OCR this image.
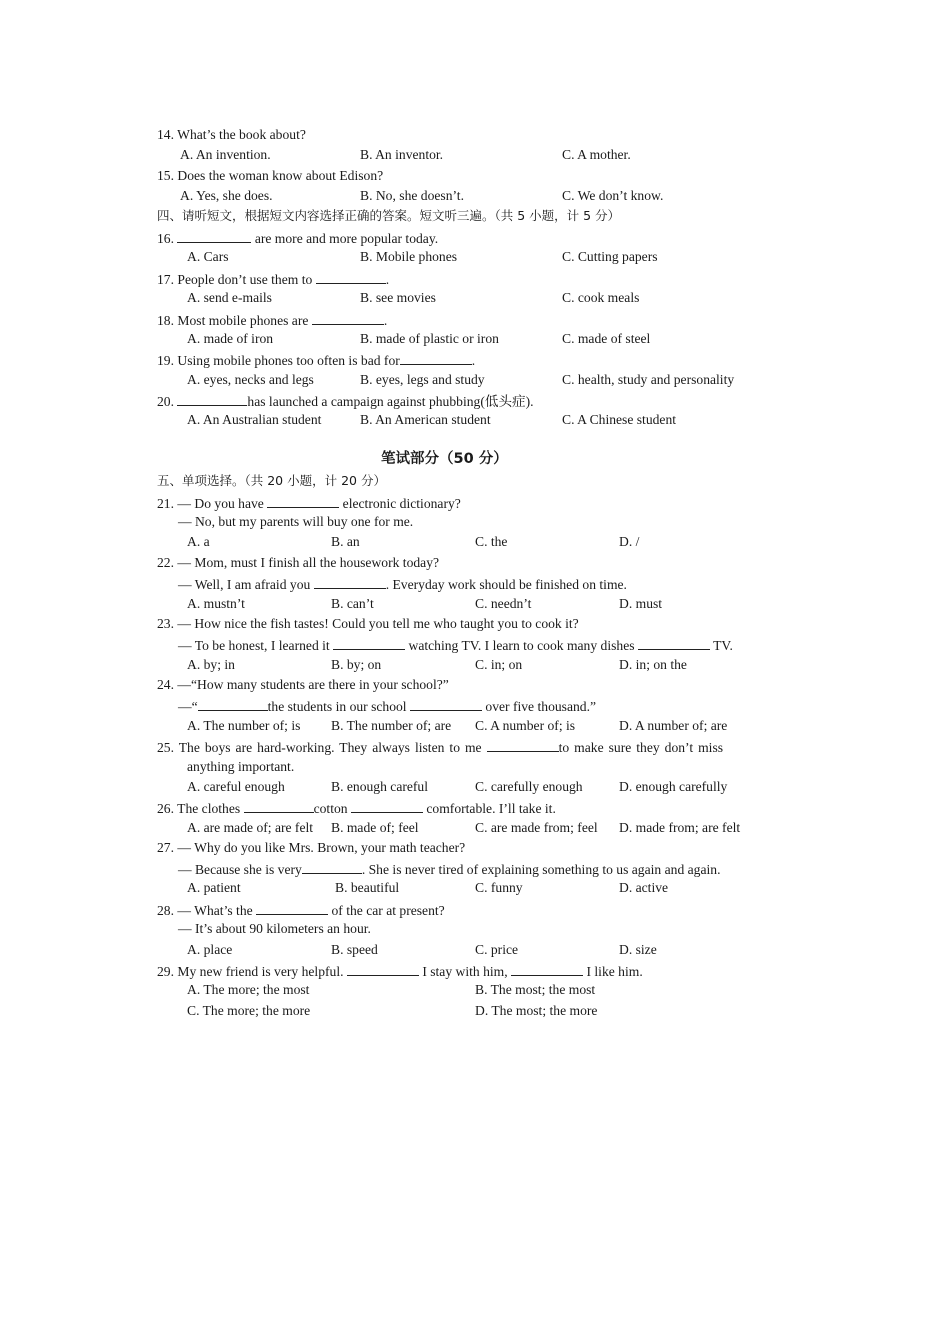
14. What’s the book about?
A. An invention.	B. An inventor.	C. A mother.
15. Does the woman know about Edison?
A. Yes, she does.	B. No, she doesn’t.	C. We don’t know.
四、请听短文，根据短文内容选择正确的答案。短文听三遍。（共 5 小题，计 5 分）
16.	are more and more popular today.
A. Cars	B. Mobile phones	C. Cutting papers
17. People don’t use them to	.
A. send e-mails	B. see movies	C. cook meals
18. Most mobile phones are	.
A. made of iron	B. made of plastic or iron	C. made of steel
19. Using mobile phones too often is bad for	.
A. eyes, necks and legs	B. eyes, legs and study	C. health, study and personality
20.	has launched a campaign against phubbing(低头症).
A. An Australian student	B. An American student	C. A Chinese student
笔试部分（50 分）
五、单项选择。（共 20 小题，计 20 分）
21. — Do you have	electronic dictionary?
— No, but my parents will buy one for me.
A. a	B. an	C. the	D. /
22. — Mom, must I finish all the housework today?
— Well, I am afraid you	. Everyday work should be finished on time.
A. mustn’t	B. can’t	C. needn’t	D. must
23. — How nice the fish tastes! Could you tell me who taught you to cook it?
— To be honest, I learned it	watching TV. I learn to cook many dishes	TV.
A. by; in	B. by; on	C. in; on	D. in; on the
24. —“How many students are there in your school?”
—“	the students in our school	over five thousand.”
A. The number of; is B. The number of; are C. A number of; is	D. A number of; are
25. The boys are hard-working. They always listen to me	to make sure they don’t miss
anything important.
A. careful enough	B. enough careful	C. carefully enough	D. enough carefully
26. The clothes	cotton	comfortable. I’ll take it.
A. are made of; are felt B. made of; feel	C. are made from; feel D. made from; are felt
27. — Why do you like Mrs. Brown, your math teacher?
— Because she is very	. She is never tired of explaining something to us again and again.
A. patient	B. beautiful	C. funny	D. active
28. — What’s the	of the car at present?
— It’s about 90 kilometers an hour.
A. place	B. speed	C. price	D. size
29. My new friend is very helpful.	I stay with him,	I like him.
A. The more; the most	B. The most; the most
C. The more; the more	D. The most; the more
